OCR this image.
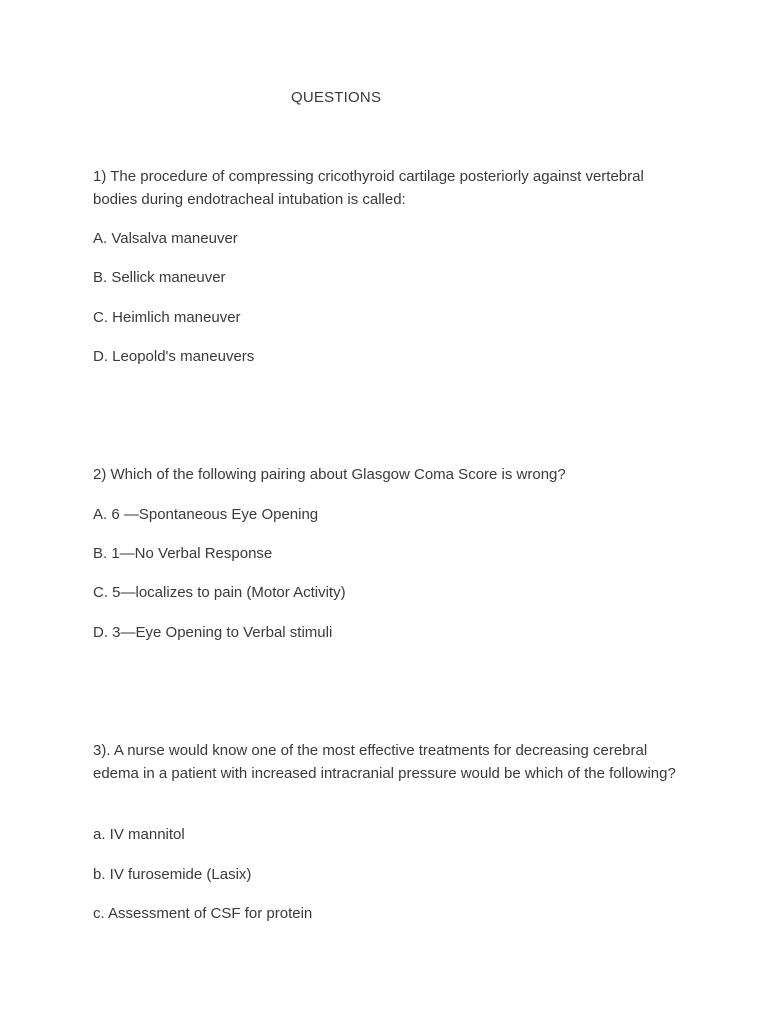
QUESTIONS
1) The procedure of compressing cricothyroid cartilage posteriorly against vertebral bodies during endotracheal intubation is called:
A. Valsalva maneuver
B. Sellick maneuver
C. Heimlich maneuver
D. Leopold's maneuvers
2) Which of the following pairing about Glasgow Coma Score is wrong?
A. 6 —Spontaneous Eye Opening
B. 1—No Verbal Response
C. 5—localizes to pain (Motor Activity)
D. 3—Eye Opening to Verbal stimuli
3). A nurse would know one of the most effective treatments for decreasing cerebral edema in a patient with increased intracranial pressure would be which of the following?
a. IV mannitol
b. IV furosemide (Lasix)
c. Assessment of CSF for protein
